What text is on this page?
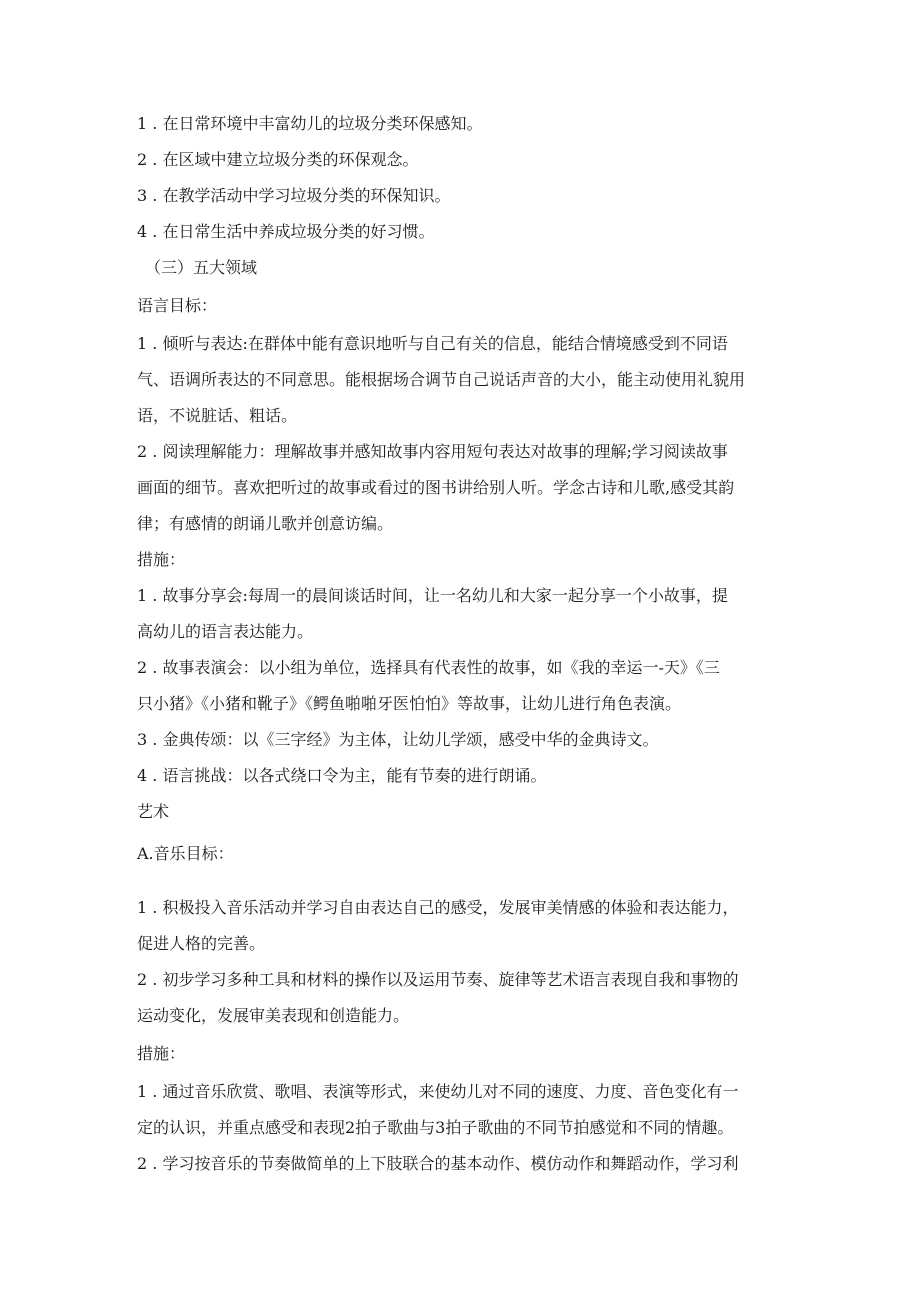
1 . 在日常环境中丰富幼儿的垃圾分类环保感知。
2 . 在区域中建立垃圾分类的环保观念。
3 . 在教学活动中学习垃圾分类的环保知识。
4 . 在日常生活中养成垃圾分类的好习惯。
（三）五大领域
语言目标：
1 . 倾听与表达:在群体中能有意识地听与自己有关的信息，能结合情境感受到不同语
气、语调所表达的不同意思。能根据场合调节自己说话声音的大小，能主动使用礼貌用
语，不说脏话、粗话。
2 . 阅读理解能力：理解故事并感知故事内容用短句表达对故事的理解;学习阅读故事
画面的细节。喜欢把听过的故事或看过的图书讲给别人听。学念古诗和儿歌,感受其韵
律；有感情的朗诵儿歌并创意访编。
措施：
1 . 故事分享会:每周一的晨间谈话时间，让一名幼儿和大家一起分享一个小故事，提
高幼儿的语言表达能力。
2 . 故事表演会：以小组为单位，选择具有代表性的故事，如《我的幸运一-天》《三
只小猪》《小猪和靴子》《鳄鱼啪啪牙医怕怕》等故事，让幼儿进行角色表演。
3 . 金典传颂：以《三字经》为主体，让幼儿学颂，感受中华的金典诗文。
4 . 语言挑战：以各式绕口令为主，能有节奏的进行朗诵。
艺术
A.音乐目标：
1 . 积极投入音乐活动并学习自由表达自己的感受，发展审美情感的体验和表达能力，
促进人格的完善。
2 . 初步学习多种工具和材料的操作以及运用节奏、旋律等艺术语言表现自我和事物的
运动变化，发展审美表现和创造能力。
措施：
1 . 通过音乐欣赏、歌唱、表演等形式，来使幼儿对不同的速度、力度、音色变化有一
定的认识，并重点感受和表现2拍子歌曲与3拍子歌曲的不同节拍感觉和不同的情趣。
2 . 学习按音乐的节奏做简单的上下肢联合的基本动作、模仿动作和舞蹈动作，学习利
